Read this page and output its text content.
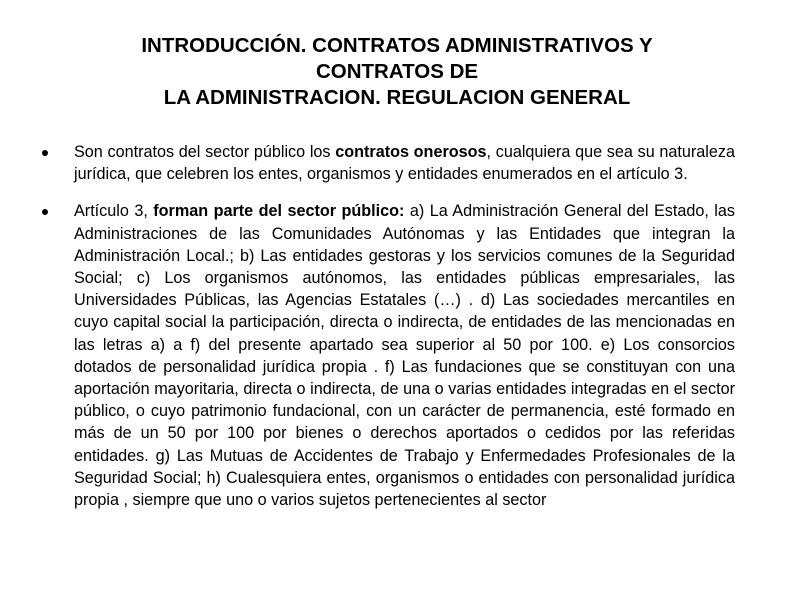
INTRODUCCIÓN. CONTRATOS ADMINISTRATIVOS Y
CONTRATOS DE
LA ADMINISTRACION. REGULACION GENERAL
Son contratos del sector público los contratos onerosos, cualquiera que sea su naturaleza jurídica, que celebren los entes, organismos y entidades enumerados en el artículo 3.
Artículo 3, forman parte del sector público: a) La Administración General del Estado, las Administraciones de las Comunidades Autónomas y las Entidades que integran la Administración Local.; b) Las entidades gestoras y los servicios comunes de la Seguridad Social; c) Los organismos autónomos, las entidades públicas empresariales, las Universidades Públicas, las Agencias Estatales (…) . d) Las sociedades mercantiles en cuyo capital social la participación, directa o indirecta, de entidades de las mencionadas en las letras a) a f) del presente apartado sea superior al 50 por 100. e) Los consorcios dotados de personalidad jurídica propia . f) Las fundaciones que se constituyan con una aportación mayoritaria, directa o indirecta, de una o varias entidades integradas en el sector público, o cuyo patrimonio fundacional, con un carácter de permanencia, esté formado en más de un 50 por 100 por bienes o derechos aportados o cedidos por las referidas entidades. g) Las Mutuas de Accidentes de Trabajo y Enfermedades Profesionales de la Seguridad Social; h) Cualesquiera entes, organismos o entidades con personalidad jurídica propia , siempre que uno o varios sujetos pertenecientes al sector
